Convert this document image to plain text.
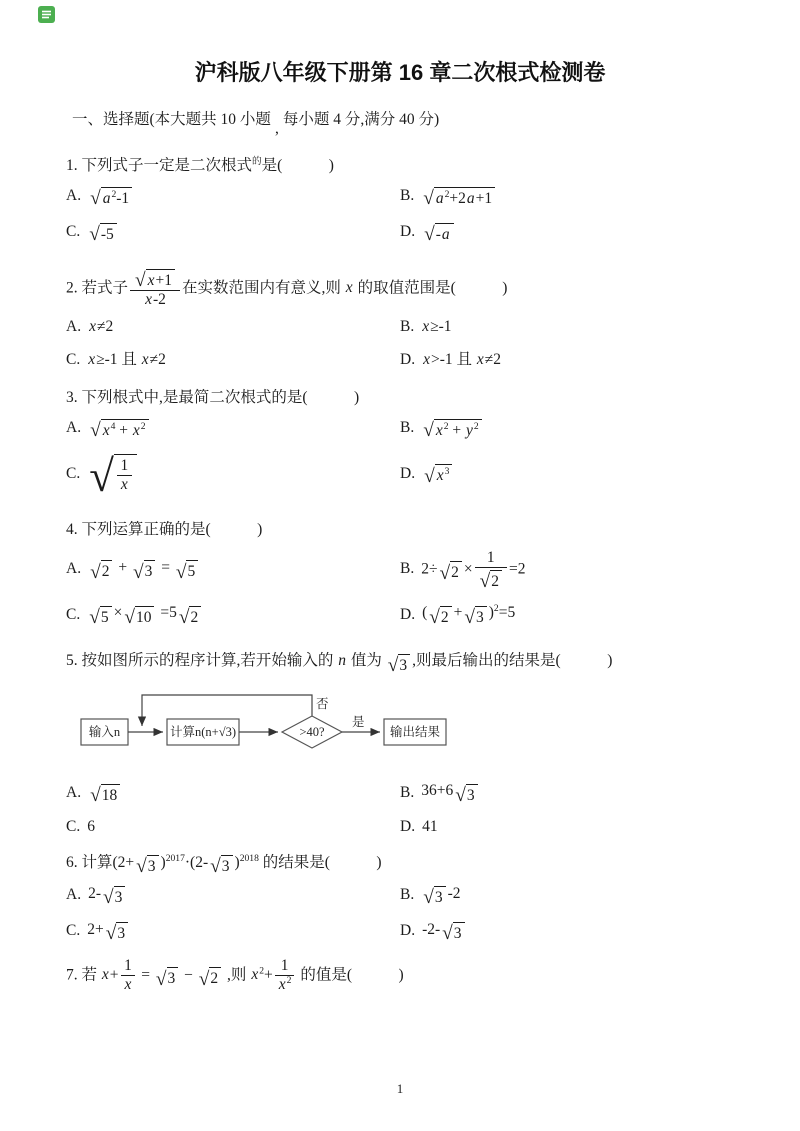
沪科版八年级下册第 16 章二次根式检测卷
一、选择题(本大题共 10 小题,每小题 4 分,满分 40 分)
1. 下列式子一定是二次根式$^的$是(            )
A. √ $a^2-1$	B. √ $a^2+2a+1$
C. √ -5	D. √ -a
2. 若式子 $\frac{√ x+1}{x-2}$ 在实数范围内有意义,则 x 的取值范围是(            )
A. x≠2	B. x≥-1
C. x≥-1 且 x≠2	D. x>-1 且 x≠2
3. 下列根式中,是最简二次根式的是(            )
A. √ $x^4 + x^2$	B. √ $x^2 + y^2$
C. √ $\frac{1}{x}$	D. √ $x^3$
4. 下列运算正确的是(            )
A. √ 2 + √ 3 = √ 5	B. 2÷ √ $2 \times \frac{1}{√ 2} =2$
C. √ 5 × √ 10 =5 √ 2	D. ( √ 2 + √ 3 )$^2$=5
5. 按如图所示的程序计算,若开始输入的 n 值为 √ 3 ,则最后输出的结果是(            )
输入n	计算n(n+√3)	>40?
否
是
输出结果
A. √ 18	B. 36+6 √ 3
C. 6	D. 41
6. 计算(2+ √ 3 )$^{2017}$·(2- √ 3 )$^{2018}$ 的结果是(            )
A. 2- √ 3	B. √ 3 -2
C. 2+ √ 3	D. -2- √ 3
7. 若 $x+ \frac{1}{x}$ = √ 3 − √ 2 ,则 $x^2+ \frac{1}{x^2}$ 的值是(            )
1
